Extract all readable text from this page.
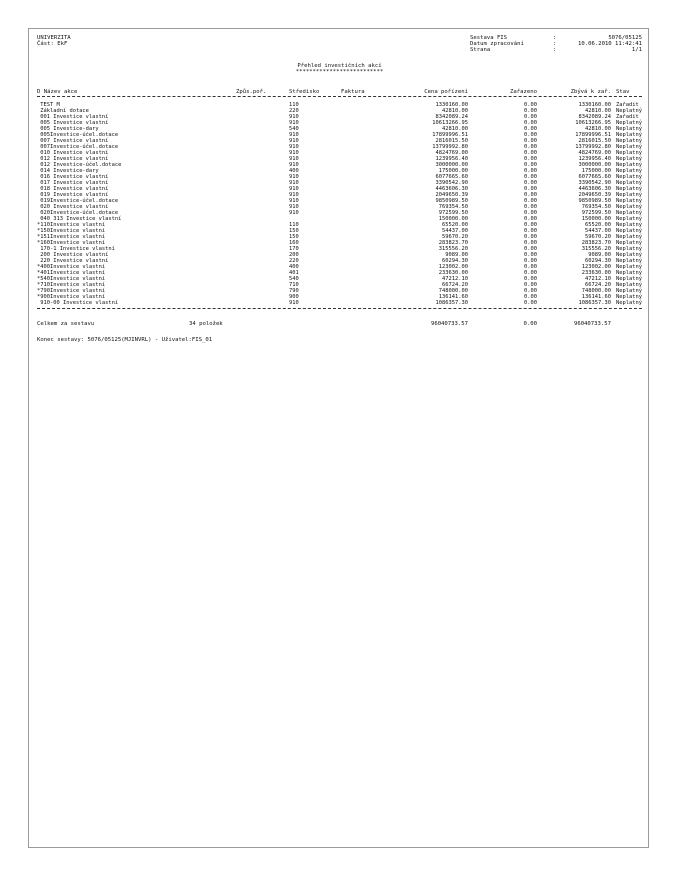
UNIVERZITA
Část: EkF
Sestava FIS	:	5076/05125
Datum zpracování	:	10.06.2010 11:42:41
Strana	:	1/1
Přehled investičních akcí
**************************
D Název akce	Způs.poř.	Středisko	Faktura	Cena pořízení	Zařazeno	Zbývá k zař. Stav
TEST M	110	1330160.00	0.00	1330160.00 Zařadit
Základní dotace	220	42810.00	0.00	42810.00 Neplatný
001 Investice vlastní	910	8342089.24	0.00	8342089.24 Zařadit
005 Investice vlastní	910	10613266.95	0.00	10613266.95 Neplatný
005 Investice-dary	540	42810.00	0.00	42810.00 Neplatný
005Investice-účel.dotace	910	17899996.51	0.00	17899996.51 Neplatný
007 Investice vlastní	910	2816015.50	0.00	2816015.50 Neplatný
007Investice-účel.dotace	910	13799992.80	0.00	13799992.80 Neplatný
010 Investice vlastní	910	4824769.00	0.00	4824769.00 Neplatný
012 Investice vlastní	910	1239956.40	0.00	1239956.40 Neplatný
012 Investice-účel.dotace	910	3000000.00	0.00	3000000.00 Neplatný
014 Investice-dary	400	175000.00	0.00	175000.00 Neplatný
016 Investice vlastní	910	6077665.60	0.00	6077665.60 Neplatný
017 Investice vlastní	910	3390542.90	0.00	3390542.90 Neplatný
018 Investice vlastní	910	4463606.30	0.00	4463606.30 Neplatný
019 Investice vlastní	910	2049650.39	0.00	2049650.39 Neplatný
019Investice-účel.dotace	910	9850989.50	0.00	9850989.50 Neplatný
020 Investice vlastní	910	769354.50	0.00	769354.50 Neplatný
020Investice-účel.dotace	910	972599.50	0.00	972599.50 Neplatný
040 313 Investice vlastní	150000.00	0.00	150000.00 Neplatný
*110Investice vlastní	110	65520.00	0.00	65520.00 Neplatný
*150Investice vlastní	150	54437.00	0.00	54437.00 Neplatný
*151Investice vlastní	150	59670.20	0.00	59670.20 Neplatný
*160Investice vlastní	160	283823.70	0.00	283823.70 Neplatný
170-1 Investice vlastní	170	315556.20	0.00	315556.20 Neplatný
200 Investice vlastní	200	9089.00	0.00	9089.00 Neplatný
220 Investice vlastní	220	60294.30	0.00	60294.30 Neplatný
*400Investice vlastní	400	123002.00	0.00	123002.00 Neplatný
*401Investice vlastní	401	233630.00	0.00	233630.00 Neplatný
*540Investice vlastní	540	47212.10	0.00	47212.10 Neplatný
*710Investice vlastní	710	66724.20	0.00	66724.20 Neplatný
*790Investice vlastní	790	748000.00	0.00	748000.00 Neplatný
*900Investice vlastní	900	136141.60	0.00	136141.60 Neplatný
910-00 Investice vlastní	910	1086357.30	0.00	1086357.30 Neplatný
Celkem za sestavu	34 položek	96040733.57	0.00	96040733.57
Konec sestavy: 5076/05125(MJINVRL) - Uživatel:FIS_01
